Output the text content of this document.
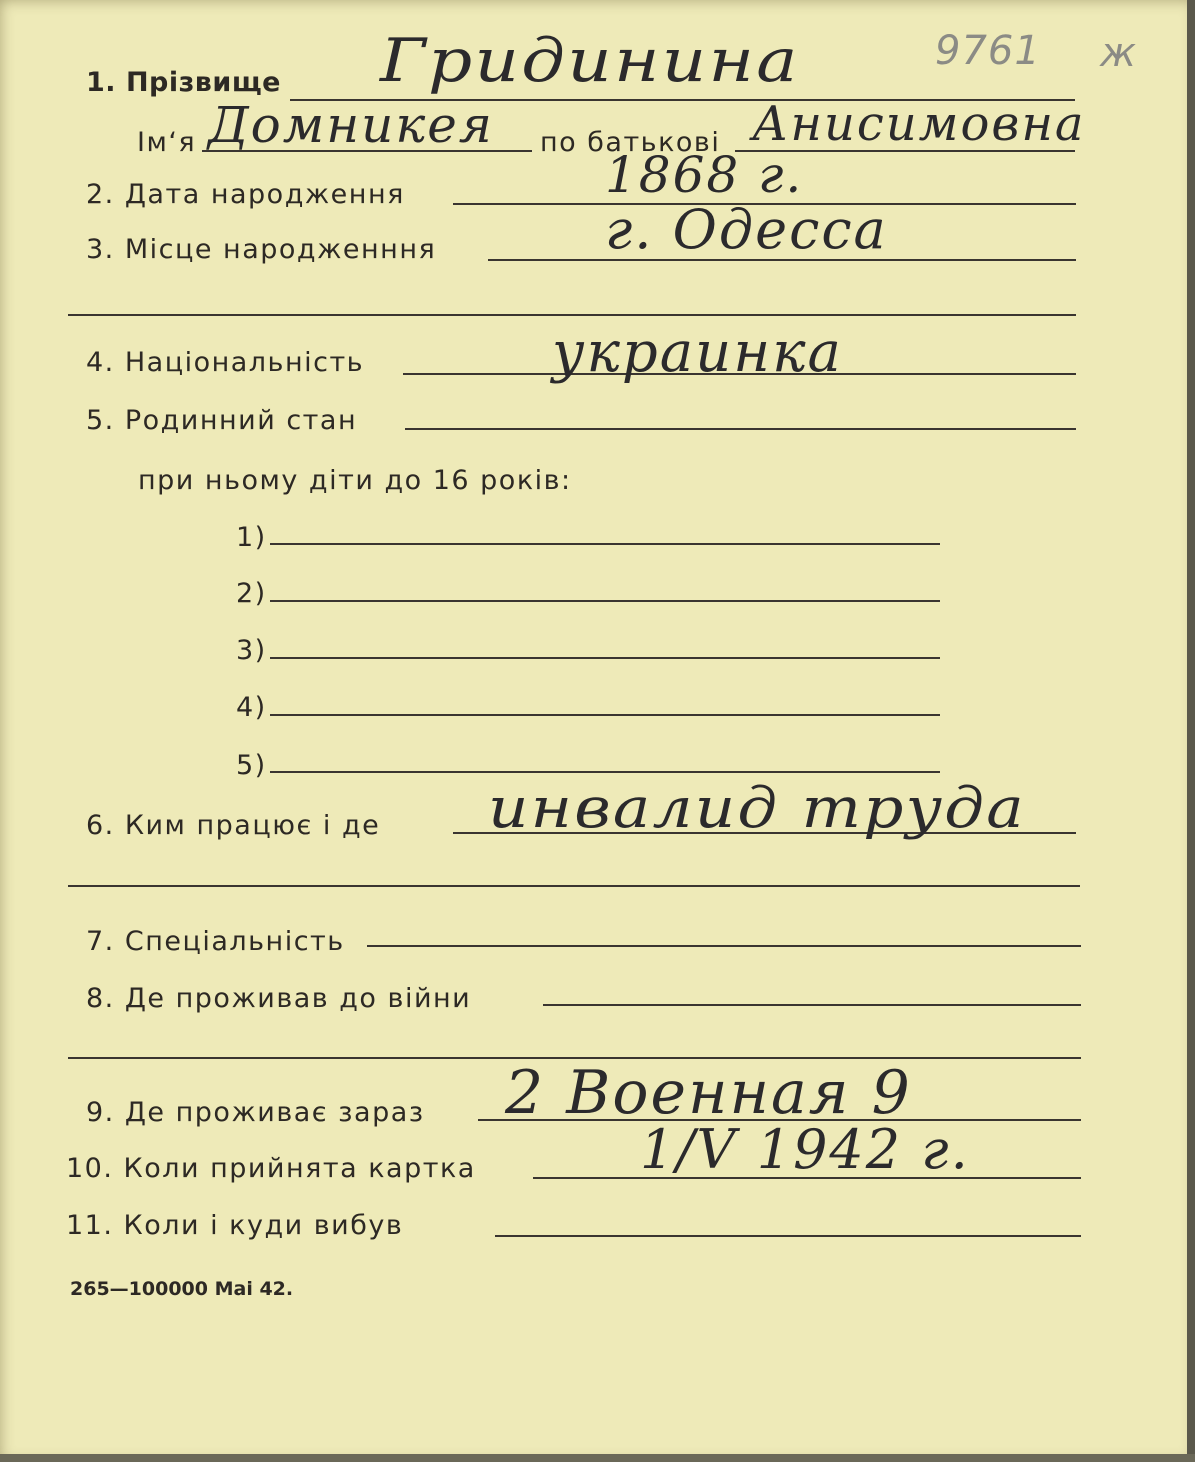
9761 ж
1. Прізвище Гридинина
Ім‘я Домникея по батькові Анисимовна
2. Дата народження	1868 г.
3. Місце народженння	г. Одесса
4. Національність	украинка
5. Родинний стан
при ньому діти до 16 років:
1)
2)
3)
4)
5)
6. Ким працює і де инвалид труда
7. Спеціальність
8. Де проживав до війни
9. Де проживає зараз 2 Военная 9
10. Коли прийнята картка	1/V 1942 г.
11. Коли і куди вибув
265—100000 Mai 42.
